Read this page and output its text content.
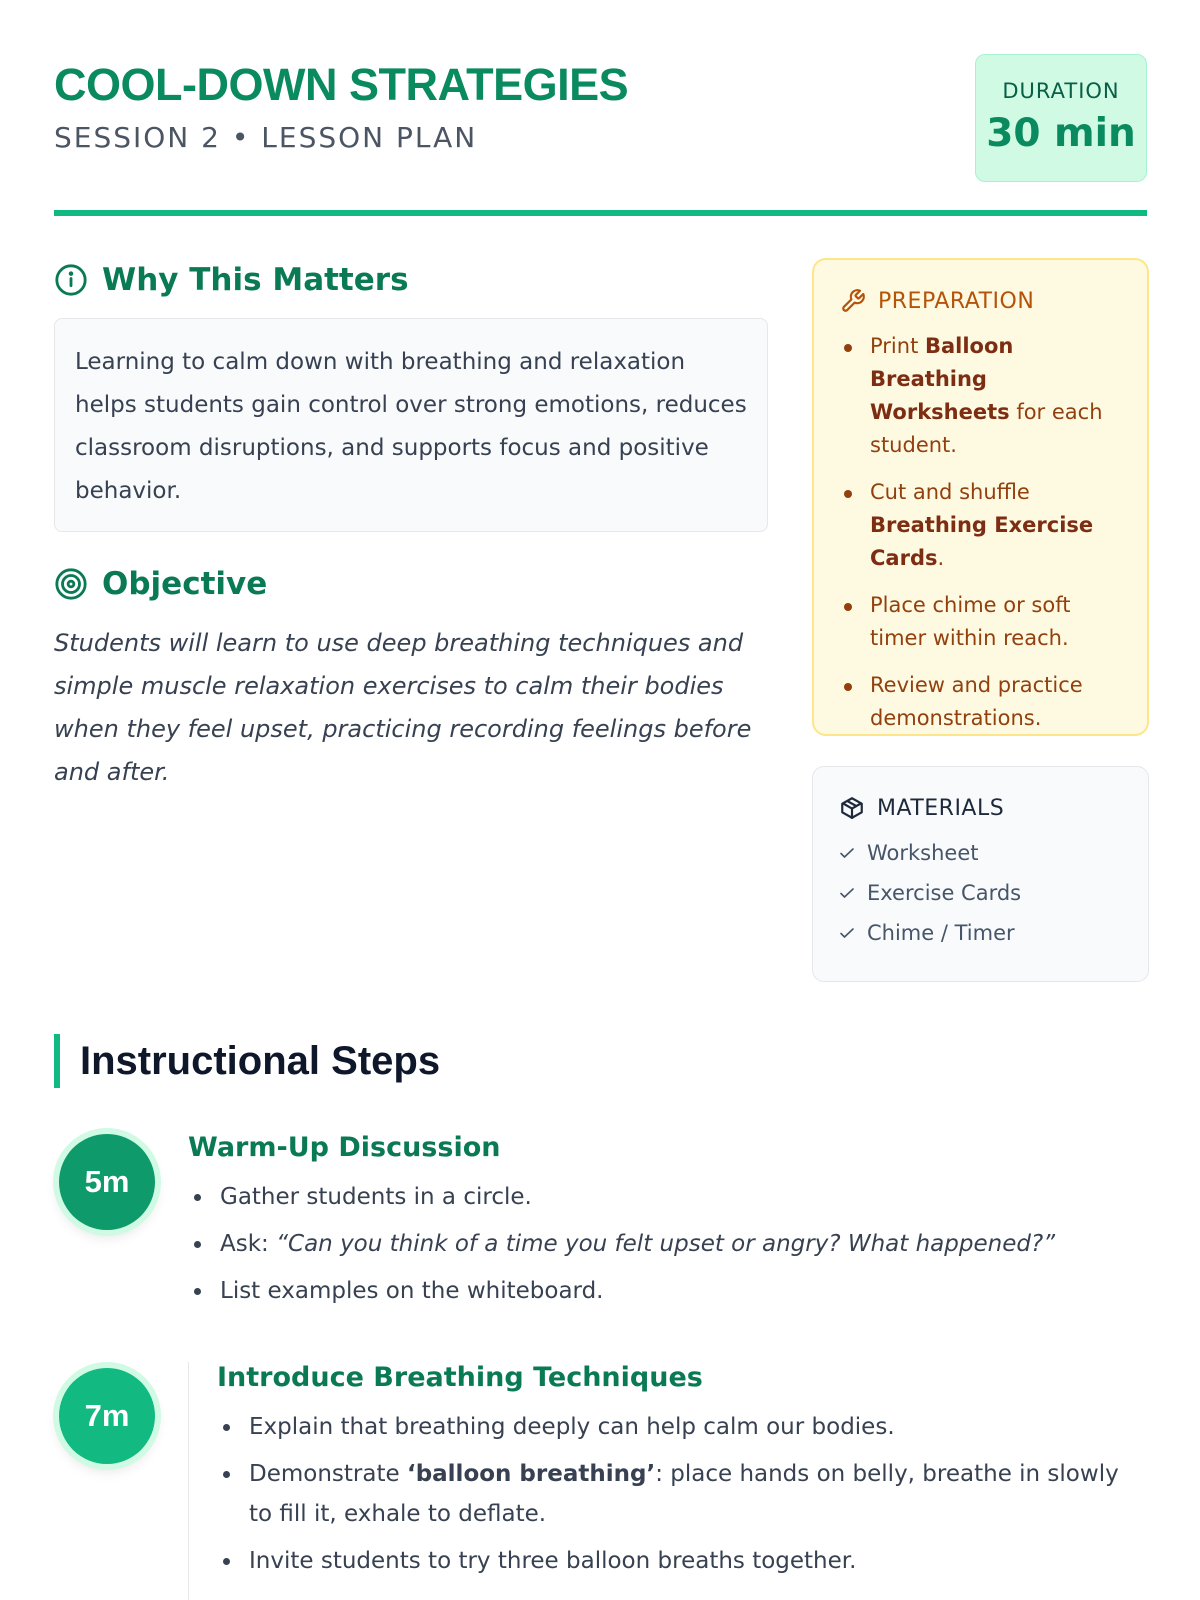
COOL-DOWN STRATEGIES
SESSION 2 • LESSON PLAN
DURATION
30 min
Why This Matters

Learning to calm down with breathing and relaxation helps students gain control over strong emotions, reduces classroom disruptions, and supports focus and positive behavior.

Objective

Students will learn to use deep breathing techniques and simple muscle relaxation exercises to calm their bodies when they feel upset, practicing recording feelings before and after.

PREPARATION
Print Balloon Breathing Worksheets for each student.
Cut and shuffle Breathing Exercise Cards.
Place chime or soft timer within reach.
Review and practice demonstrations.
MATERIALS
Worksheet
Exercise Cards
Chime / Timer
Instructional Steps
5m
Warm-Up Discussion
Gather students in a circle.
Ask: “Can you think of a time you felt upset or angry? What happened?”
List examples on the whiteboard.
7m
Introduce Breathing Techniques
Explain that breathing deeply can help calm our bodies.
Demonstrate ‘balloon breathing’: place hands on belly, breathe in slowly to fill it, exhale to deflate.
Invite students to try three balloon breaths together.
